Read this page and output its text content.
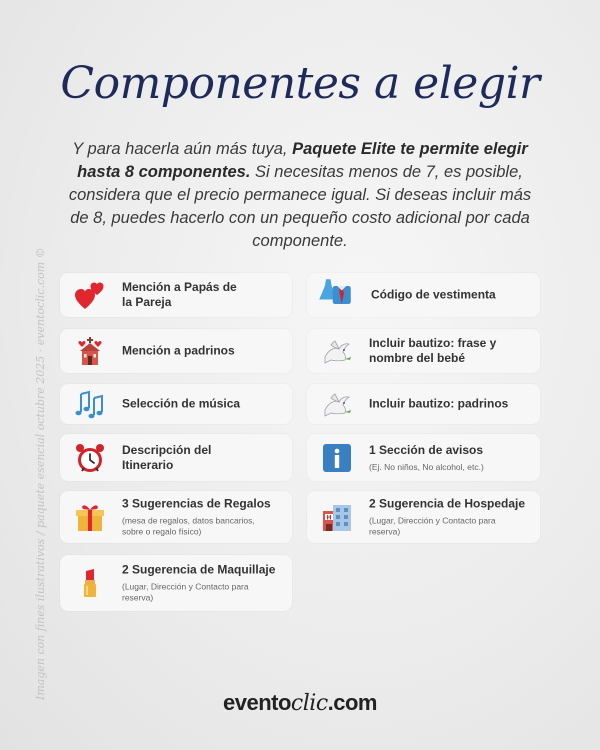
Componentes a elegir
Y para hacerla aún más tuya, Paquete Elite te permite elegir hasta 8 componentes. Si necesitas menos de 7, es posible, considera que el precio permanece igual. Si deseas incluir más de 8, puedes hacerlo con un pequeño costo adicional por cada componente.
Imagen con fines ilustrativos / paquete esencial octubre 2025 · eventoclic.com ©	Mención a Papás de la Pareja
Código de vestimenta
Mención a padrinos
Incluir bautizo: frase y nombre del bebé
Selección de música	Incluir bautizo: padrinos
Descripción del Itinerario
1 Sección de avisos
(Ej. No niños, No alcohol, etc.)
3 Sugerencias de Regalos
(mesa de regalos, datos bancarios, sobre o regalo físico)
H
2 Sugerencia de Hospedaje
(Lugar, Dirección y Contacto para reserva)
2 Sugerencia de Maquillaje
(Lugar, Dirección y Contacto para reserva)
eventoclic.com
